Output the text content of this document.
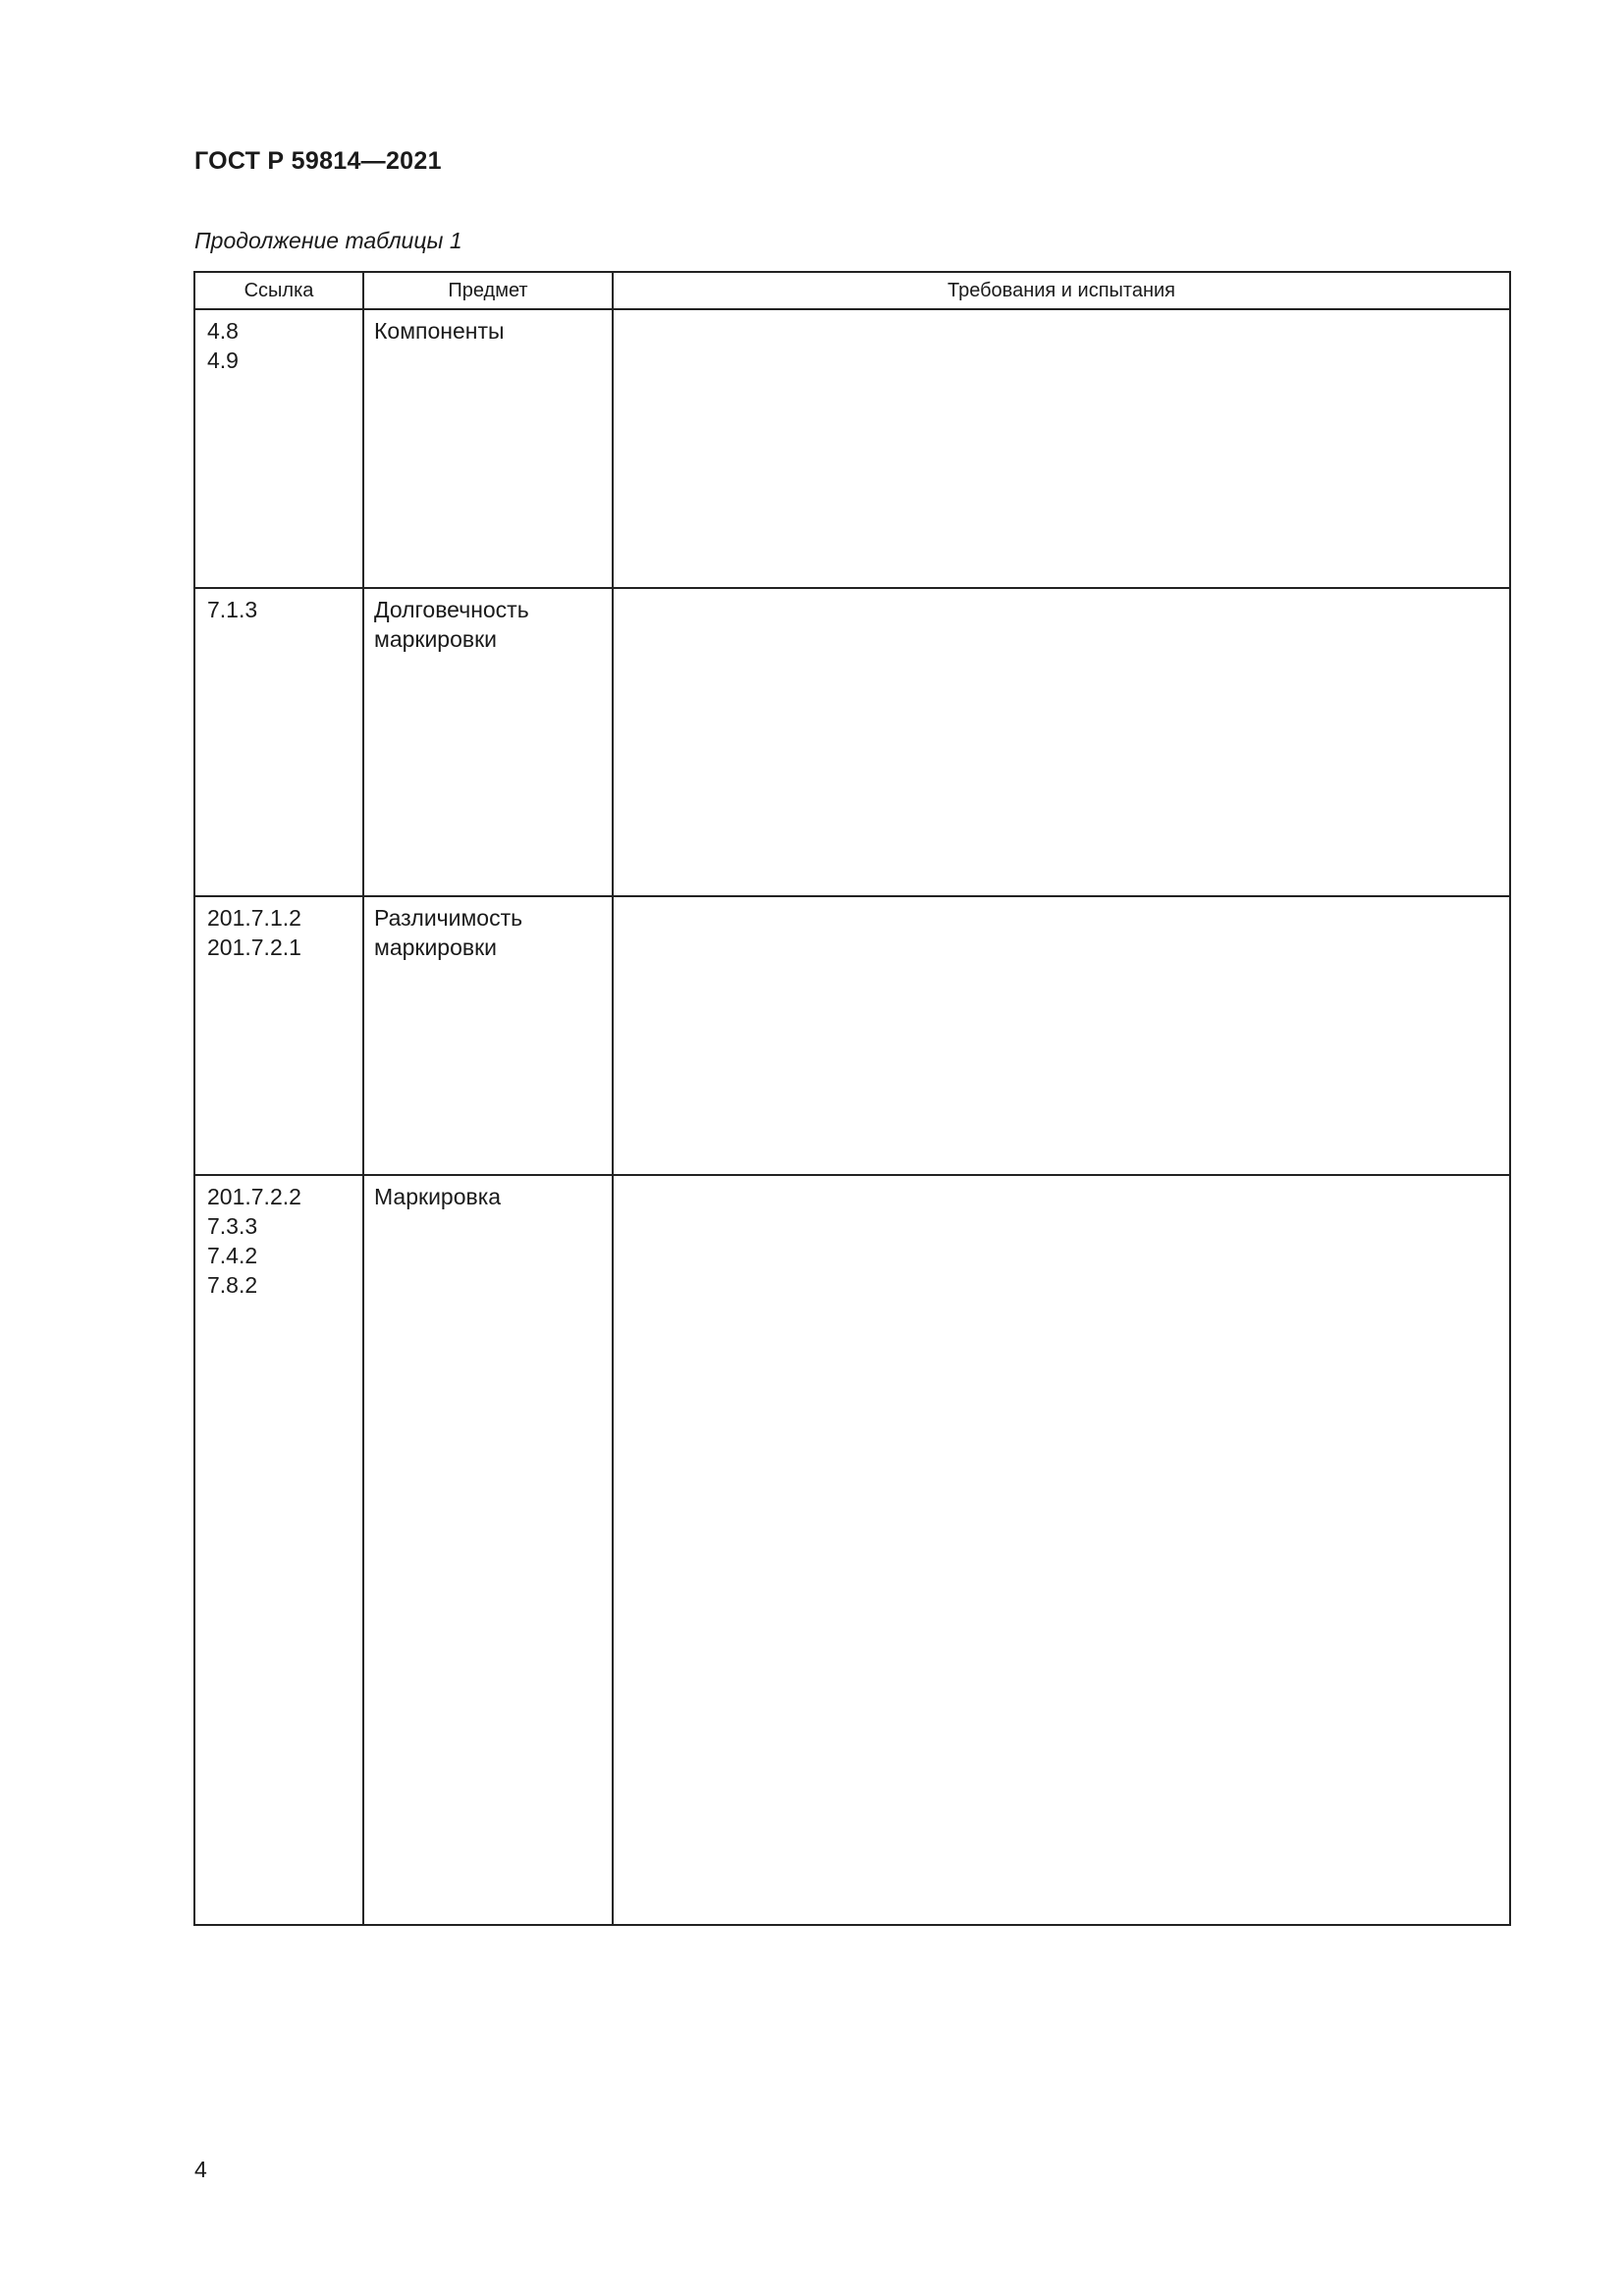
ГОСТ Р 59814—2021
Продолжение таблицы 1
Ссылка	Предмет	Требования и испытания

4.8
4.9	Компоненты	

7.1.3	Долговечность маркировки	

201.7.1.2
201.7.2.1	Различимость маркировки	

201.7.2.2
7.3.3
7.4.2
7.8.2	Маркировка	
4
